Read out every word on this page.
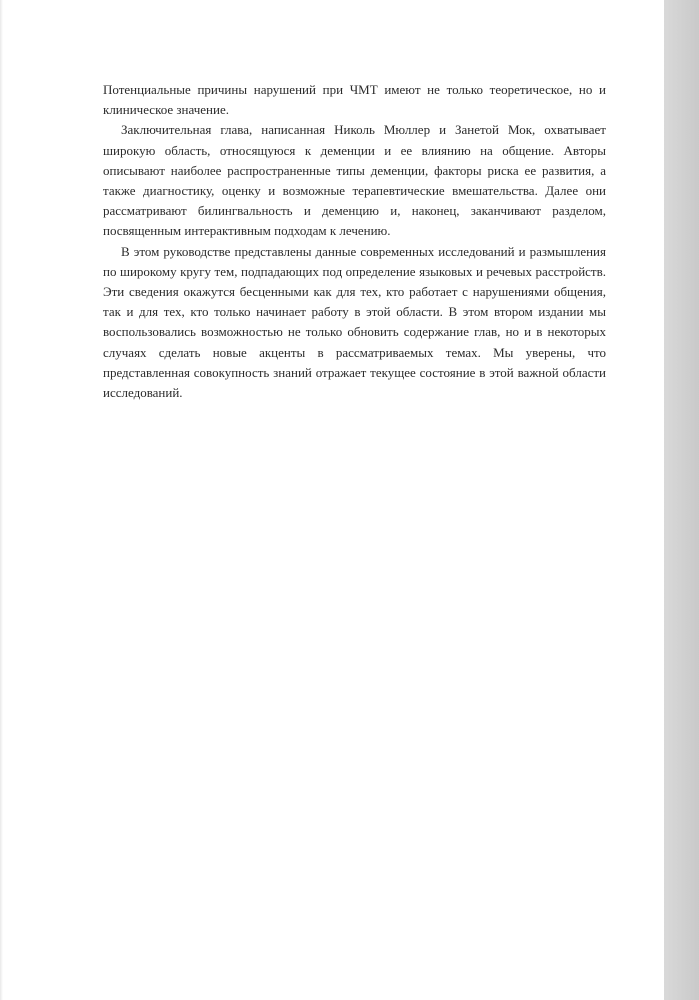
Потенциальные причины нарушений при ЧМТ имеют не только теоретическое, но и клиническое значение.

Заключительная глава, написанная Николь Мюллер и Занетой Мок, охватывает широкую область, относящуюся к деменции и ее влиянию на общение. Авторы описывают наиболее распространенные типы деменции, факторы риска ее развития, а также диагностику, оценку и возможные терапевтические вмешательства. Далее они рассматривают билингвальность и деменцию и, наконец, заканчивают разделом, посвященным интерактивным подходам к лечению.

В этом руководстве представлены данные современных исследований и размышления по широкому кругу тем, подпадающих под определение языковых и речевых расстройств. Эти сведения окажутся бесценными как для тех, кто работает с нарушениями общения, так и для тех, кто только начинает работу в этой области. В этом втором издании мы воспользовались возможностью не только обновить содержание глав, но и в некоторых случаях сделать новые акценты в рассматриваемых темах. Мы уверены, что представленная совокупность знаний отражает текущее состояние в этой важной области исследований.
